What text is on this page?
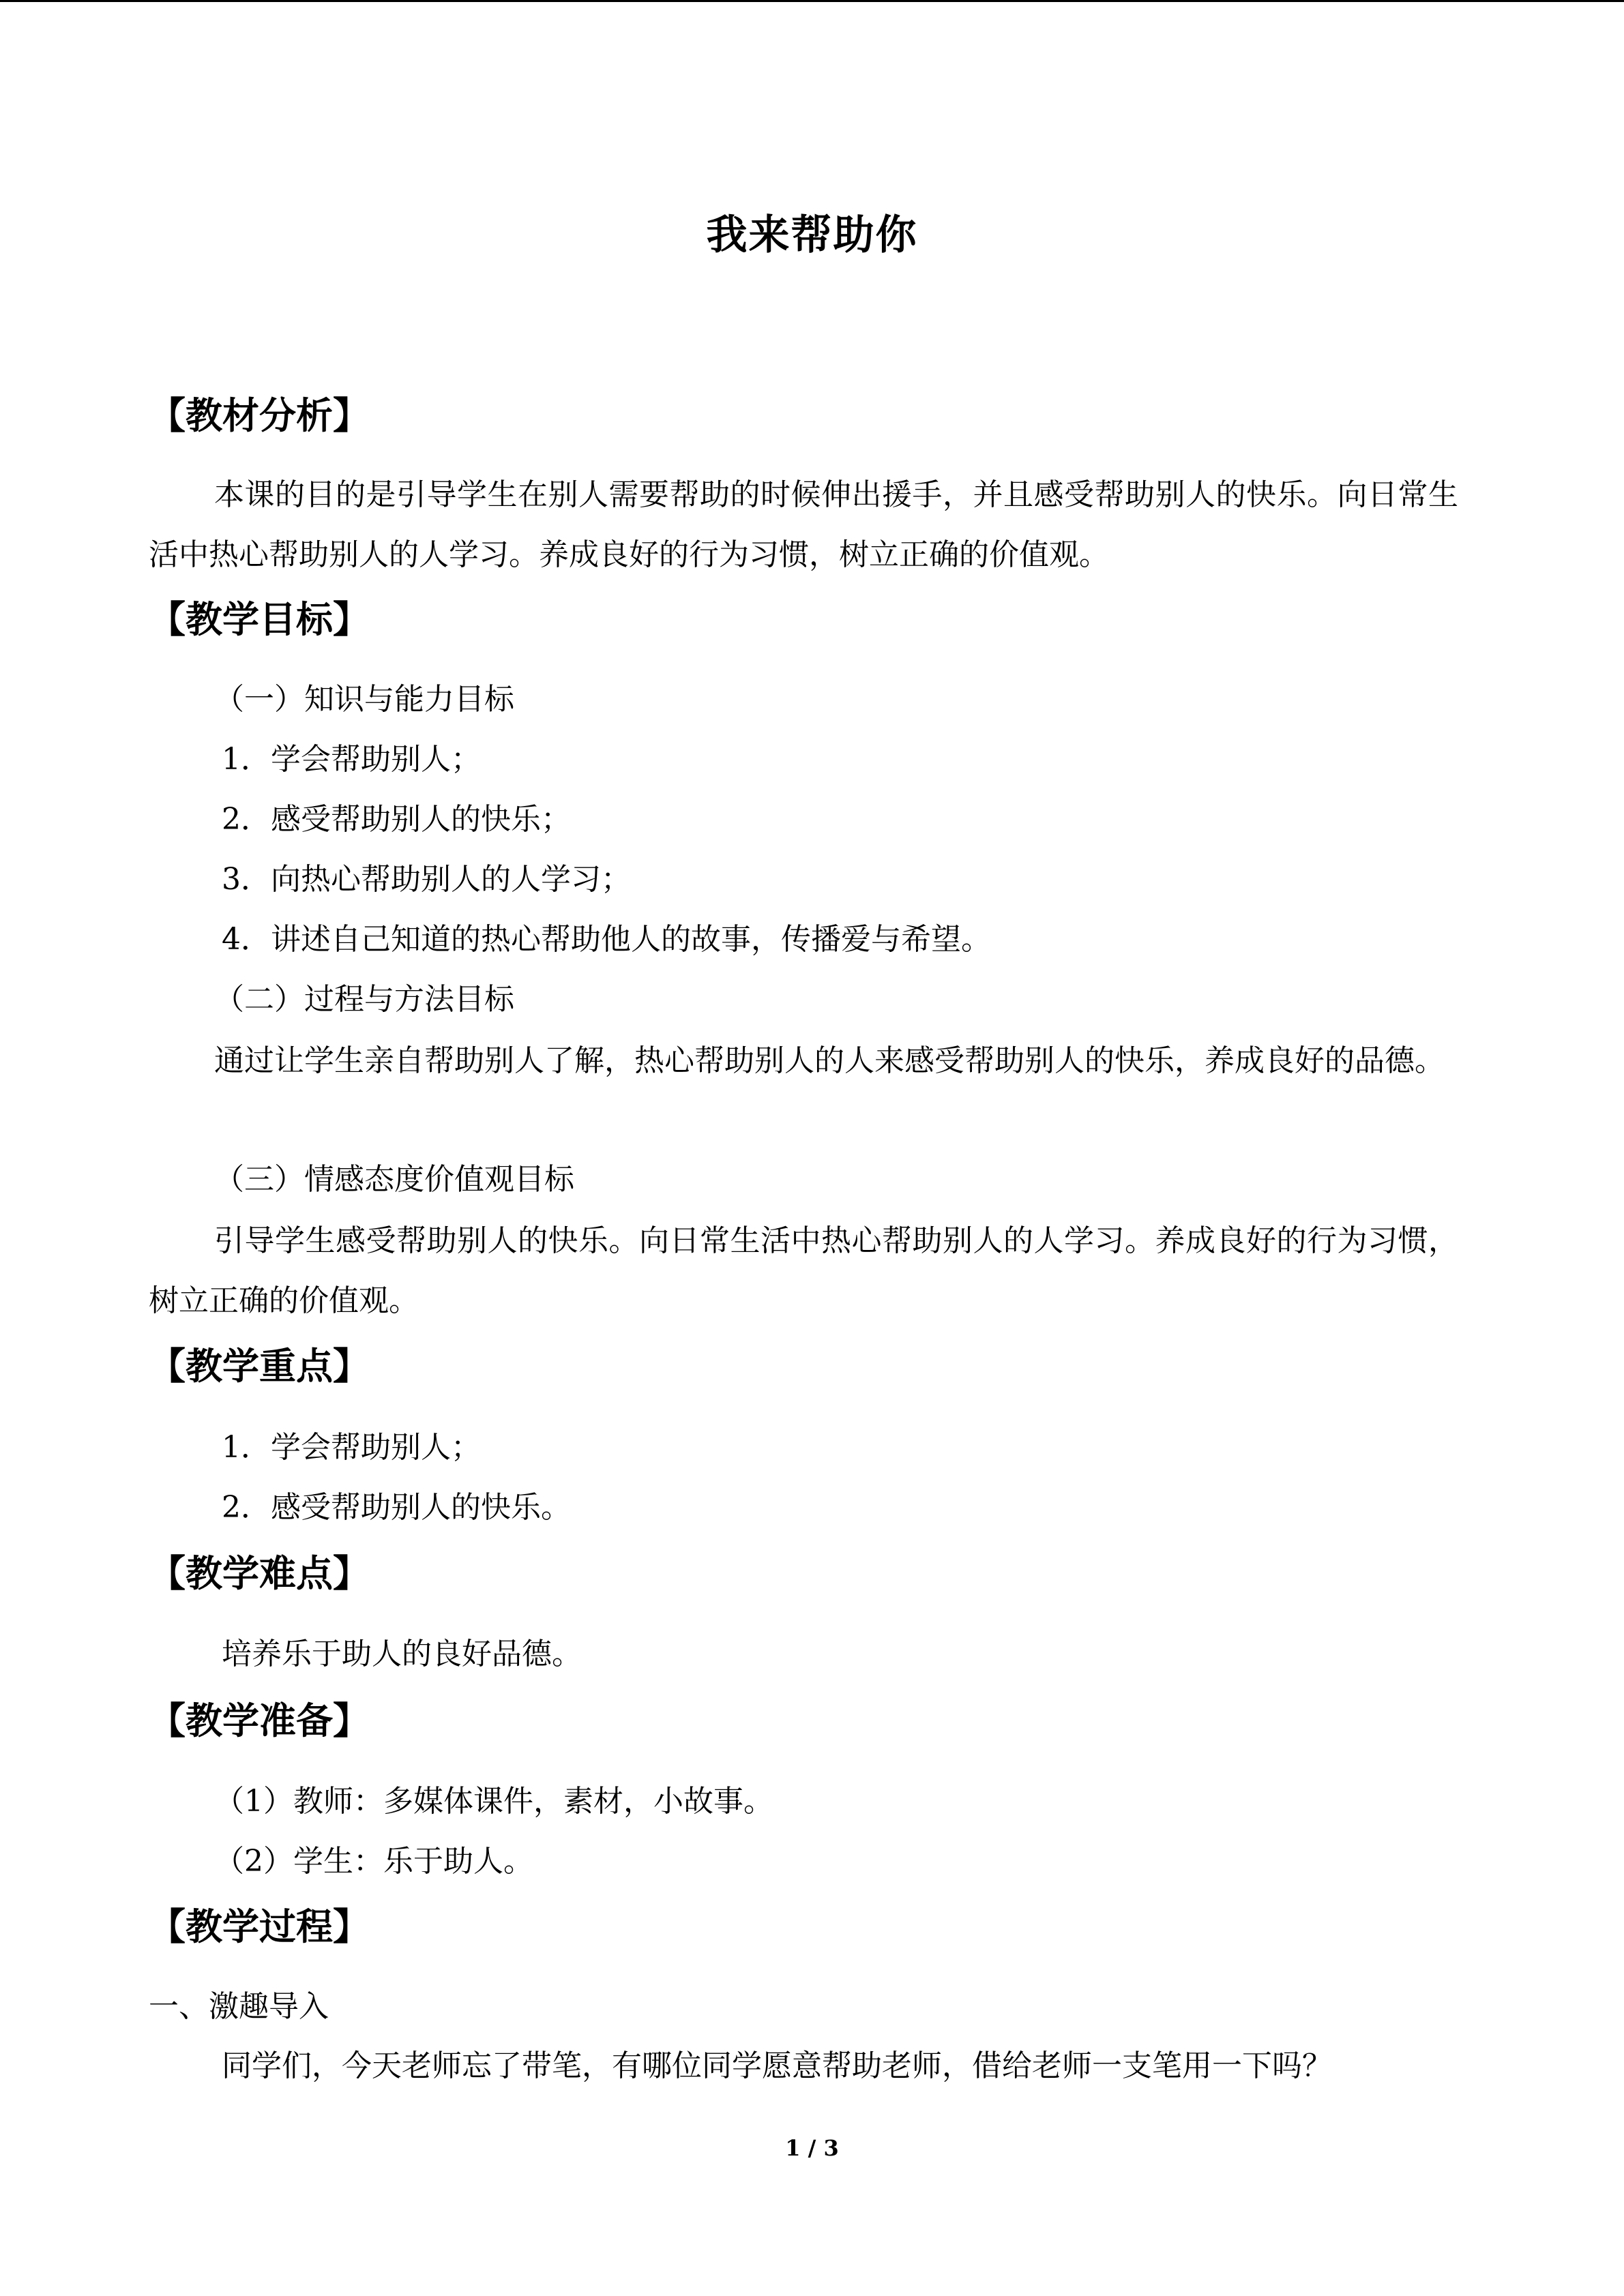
我来帮助你
【教材分析】
本课的目的是引导学生在别人需要帮助的时候伸出援手，并且感受帮助别人的快乐。向日常生活中热心帮助别人的人学习。养成良好的行为习惯，树立正确的价值观。
【教学目标】
（一）知识与能力目标
1．学会帮助别人；
2．感受帮助别人的快乐；
3．向热心帮助别人的人学习；
4．讲述自己知道的热心帮助他人的故事，传播爱与希望。
（二）过程与方法目标
通过让学生亲自帮助别人了解，热心帮助别人的人来感受帮助别人的快乐，养成良好的品德。
（三）情感态度价值观目标
引导学生感受帮助别人的快乐。向日常生活中热心帮助别人的人学习。养成良好的行为习惯，树立正确的价值观。
【教学重点】
1．学会帮助别人；
2．感受帮助别人的快乐。
【教学难点】
培养乐于助人的良好品德。
【教学准备】
（1）教师：多媒体课件，素材，小故事。
（2）学生：乐于助人。
【教学过程】
一、激趣导入
同学们，今天老师忘了带笔，有哪位同学愿意帮助老师，借给老师一支笔用一下吗？
1 / 3
